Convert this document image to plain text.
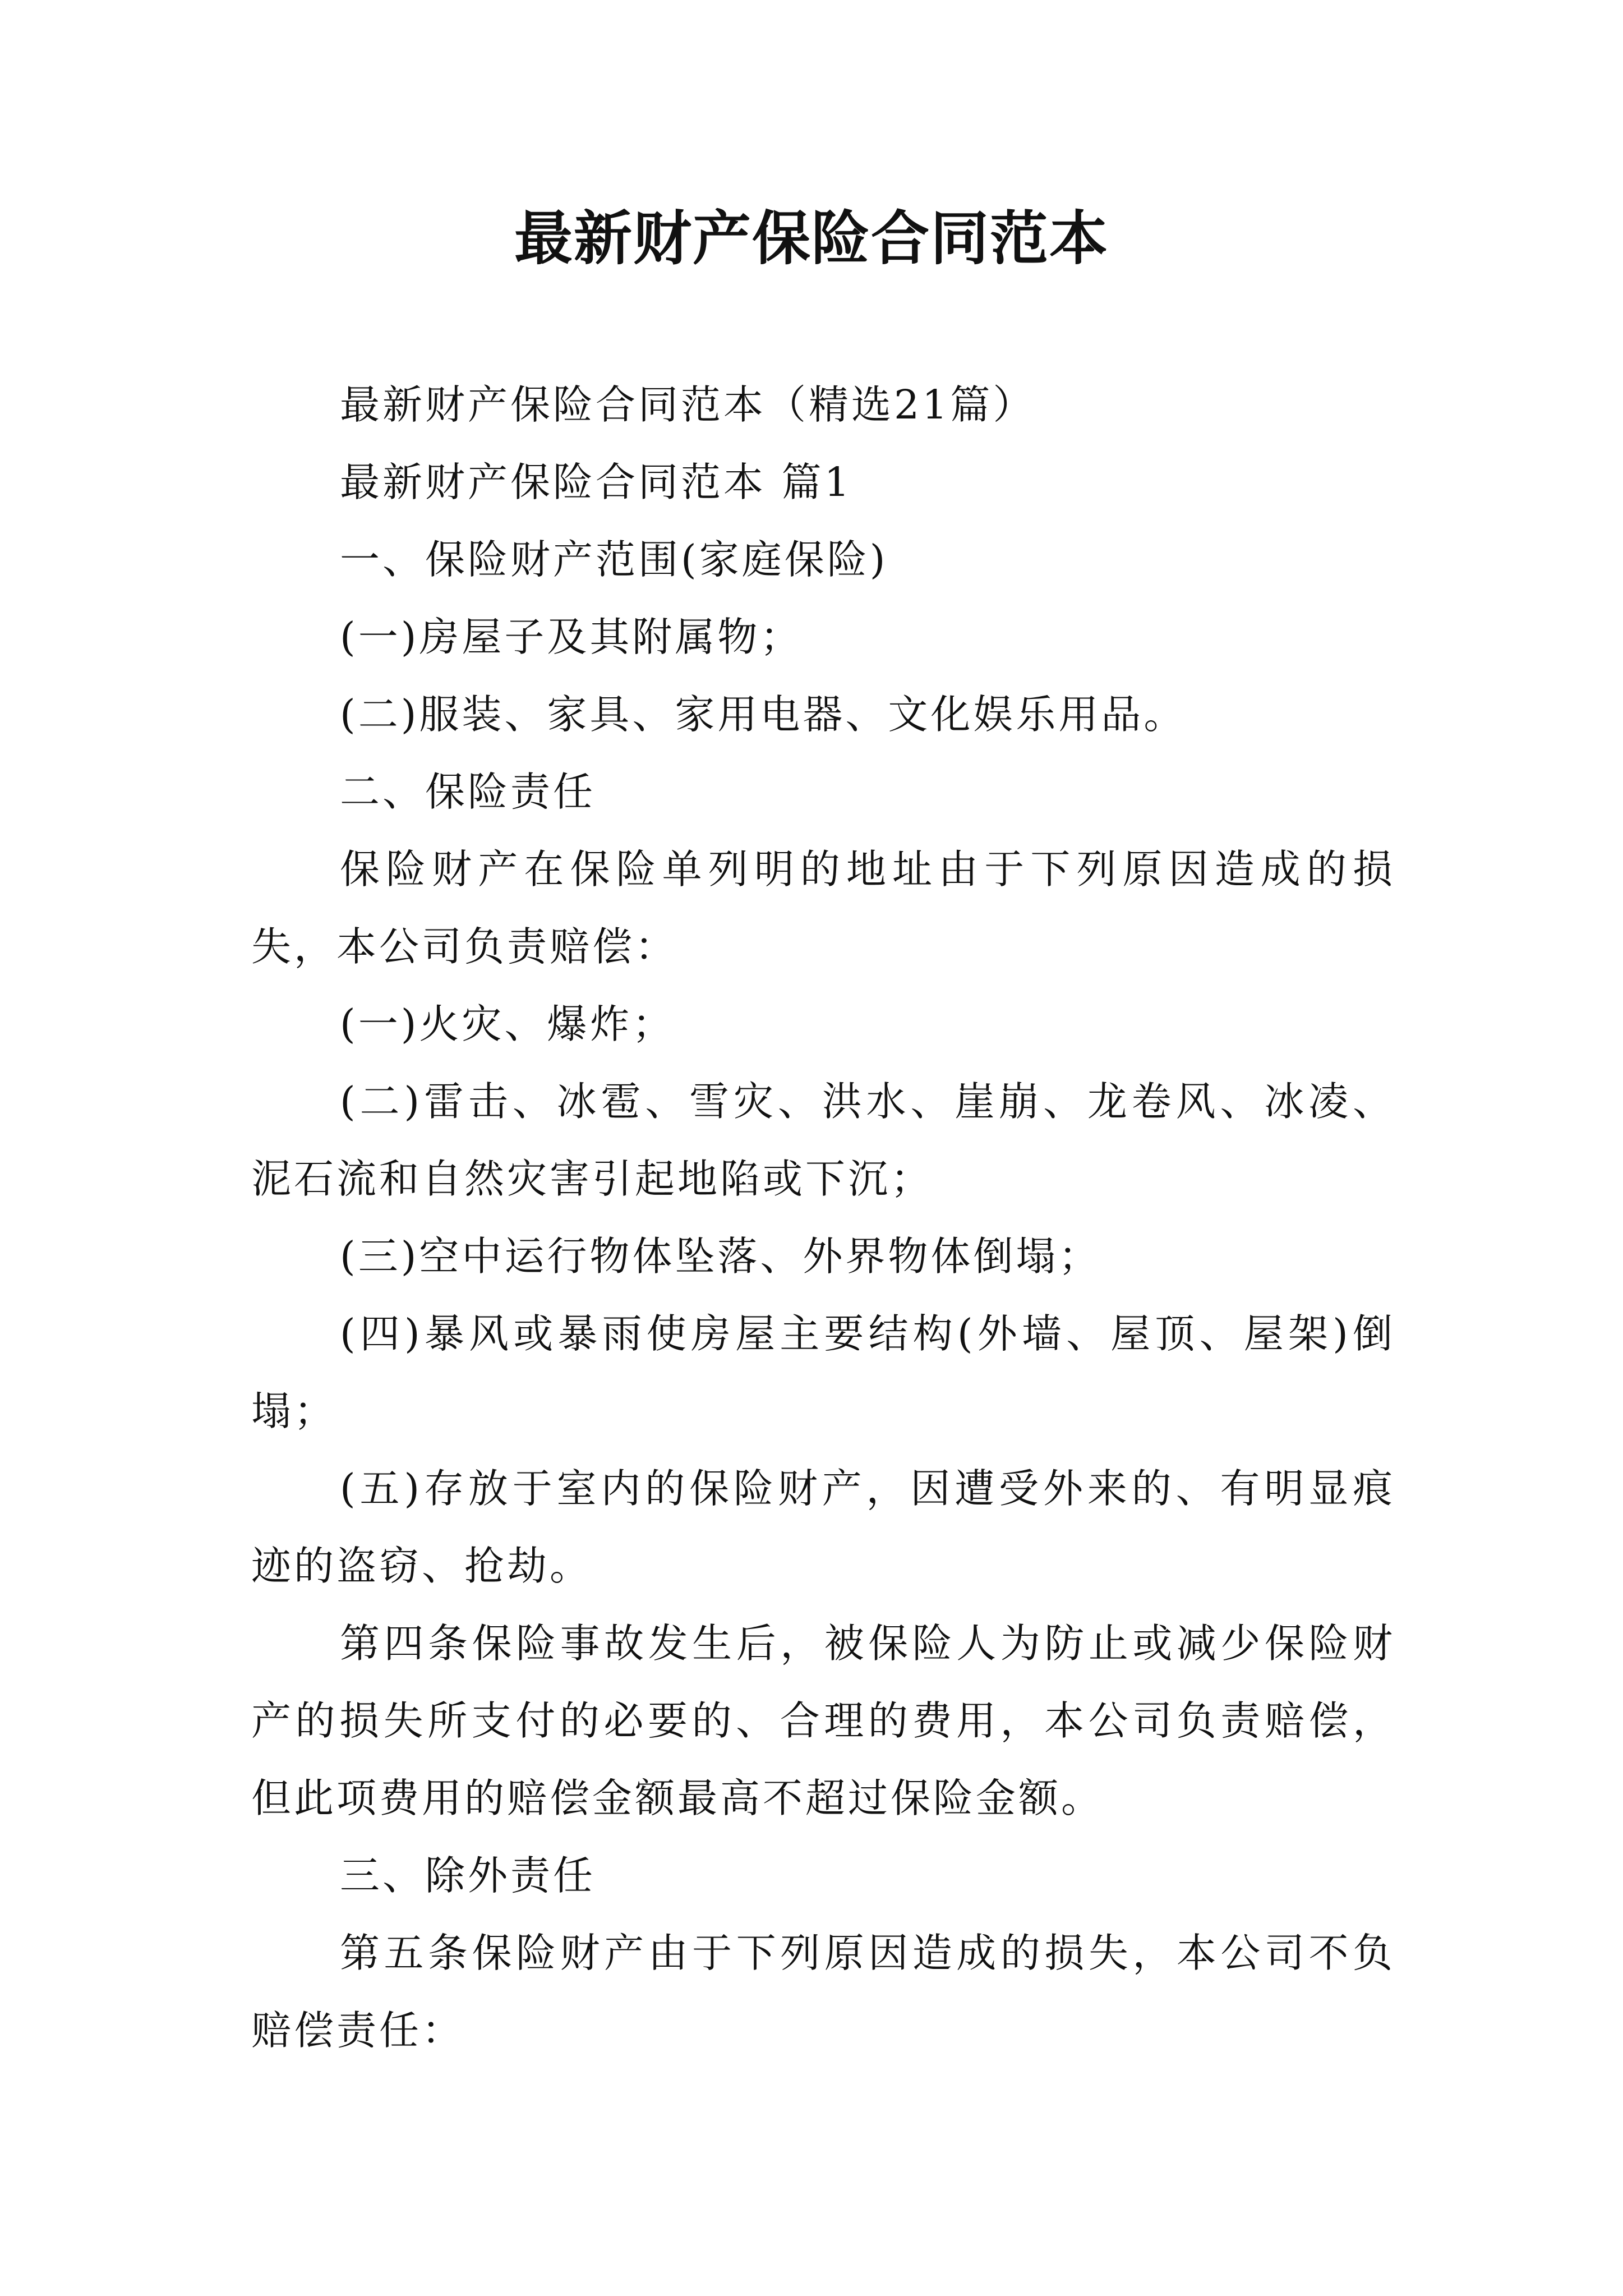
最新财产保险合同范本

最新财产保险合同范本（精选21篇）

最新财产保险合同范本 篇1

一、保险财产范围(家庭保险)

(一)房屋子及其附属物；

(二)服装、家具、家用电器、文化娱乐用品。

二、保险责任

保险财产在保险单列明的地址由于下列原因造成的损失，本公司负责赔偿：

(一)火灾、爆炸；

(二)雷击、冰雹、雪灾、洪水、崖崩、龙卷风、冰凌、泥石流和自然灾害引起地陷或下沉；

(三)空中运行物体坠落、外界物体倒塌；

(四)暴风或暴雨使房屋主要结构(外墙、屋顶、屋架)倒塌；

(五)存放于室内的保险财产，因遭受外来的、有明显痕迹的盗窃、抢劫。

第四条保险事故发生后，被保险人为防止或减少保险财产的损失所支付的必要的、合理的费用，本公司负责赔偿，但此项费用的赔偿金额最高不超过保险金额。

三、除外责任

第五条保险财产由于下列原因造成的损失，本公司不负赔偿责任：
